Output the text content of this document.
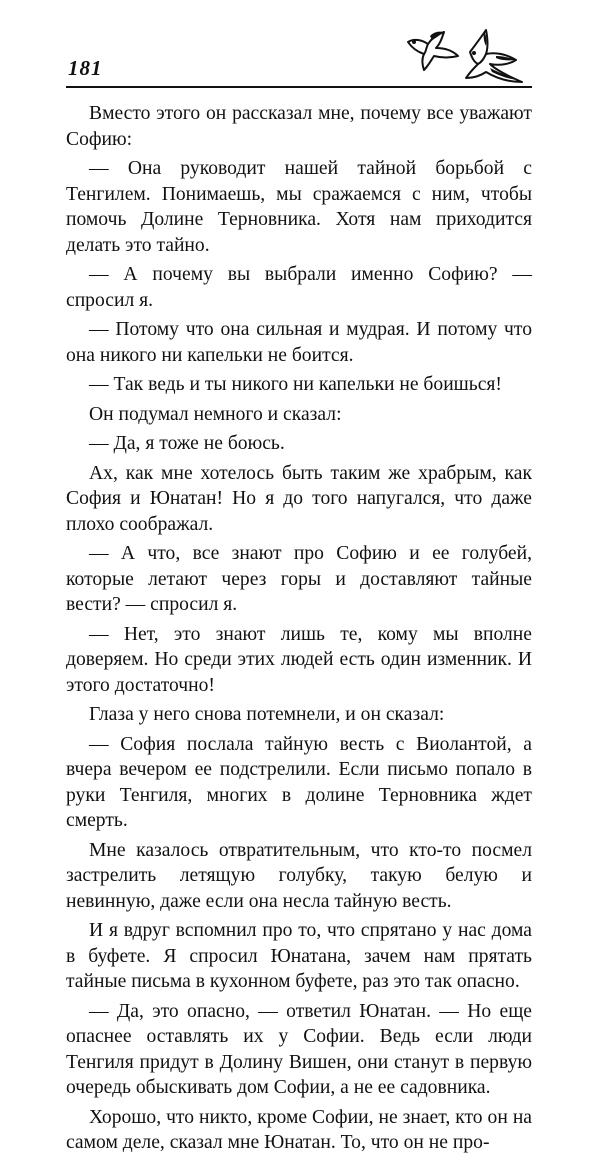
181

Вместо этого он рассказал мне, почему все уважают Софию:

— Она руководит нашей тайной борьбой с Тенгилем. Понимаешь, мы сражаемся с ним, чтобы помочь Долине Терновника. Хотя нам приходится делать это тайно.

— А почему вы выбрали именно Софию? — спросил я.

— Потому что она сильная и мудрая. И потому что она никого ни капельки не боится.

— Так ведь и ты никого ни капельки не боишься!

Он подумал немного и сказал:

— Да, я тоже не боюсь.

Ах, как мне хотелось быть таким же храбрым, как София и Юнатан! Но я до того напугался, что даже плохо соображал.

— А что, все знают про Софию и ее голубей, которые летают через горы и доставляют тайные вести? — спросил я.

— Нет, это знают лишь те, кому мы вполне доверяем. Но среди этих людей есть один изменник. И этого достаточно!

Глаза у него снова потемнели, и он сказал:

— София послала тайную весть с Виолантой, а вчера вечером ее подстрелили. Если письмо попало в руки Тенгиля, многих в долине Терновника ждет смерть.

Мне казалось отвратительным, что кто-то посмел застрелить летящую голубку, такую белую и невинную, даже если она несла тайную весть.

И я вдруг вспомнил про то, что спрятано у нас дома в буфете. Я спросил Юнатана, зачем нам прятать тайные письма в кухонном буфете, раз это так опасно.

— Да, это опасно, — ответил Юнатан. — Но еще опаснее оставлять их у Софии. Ведь если люди Тенгиля придут в Долину Вишен, они станут в первую очередь обыскивать дом Софии, а не ее садовника.

Хорошо, что никто, кроме Софии, не знает, кто он на самом деле, сказал мне Юнатан. То, что он не про-
